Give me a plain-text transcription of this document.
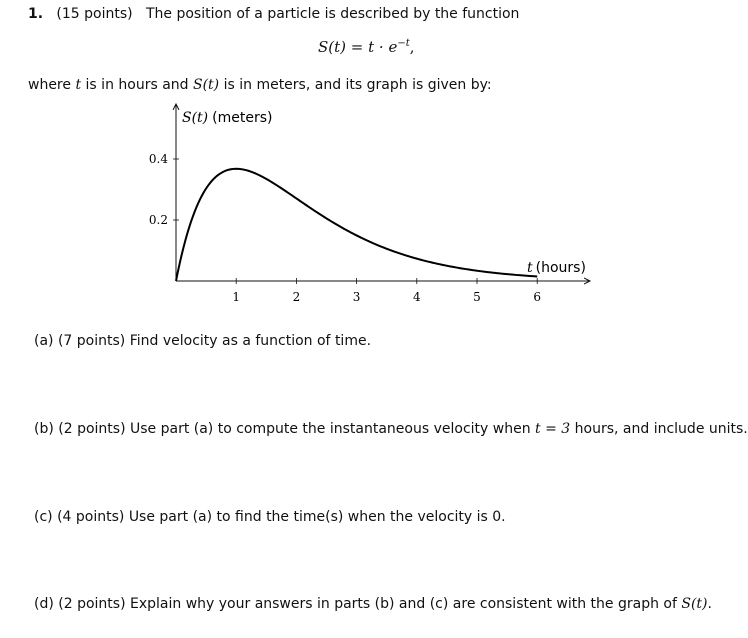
1. (15 points) The position of a particle is described by the function
$S(t) = t \cdot e^{-t}$,
where t is in hours and S(t) is in meters, and its graph is given by:
1	2	3	4	5	6
0.2
0.4
S(t) (meters)
t (hours)
(a) (7 points) Find velocity as a function of time.
(b) (2 points) Use part (a) to compute the instantaneous velocity when t = 3 hours, and include units.
(c) (4 points) Use part (a) to find the time(s) when the velocity is 0.
(d) (2 points) Explain why your answers in parts (b) and (c) are consistent with the graph of S(t).
